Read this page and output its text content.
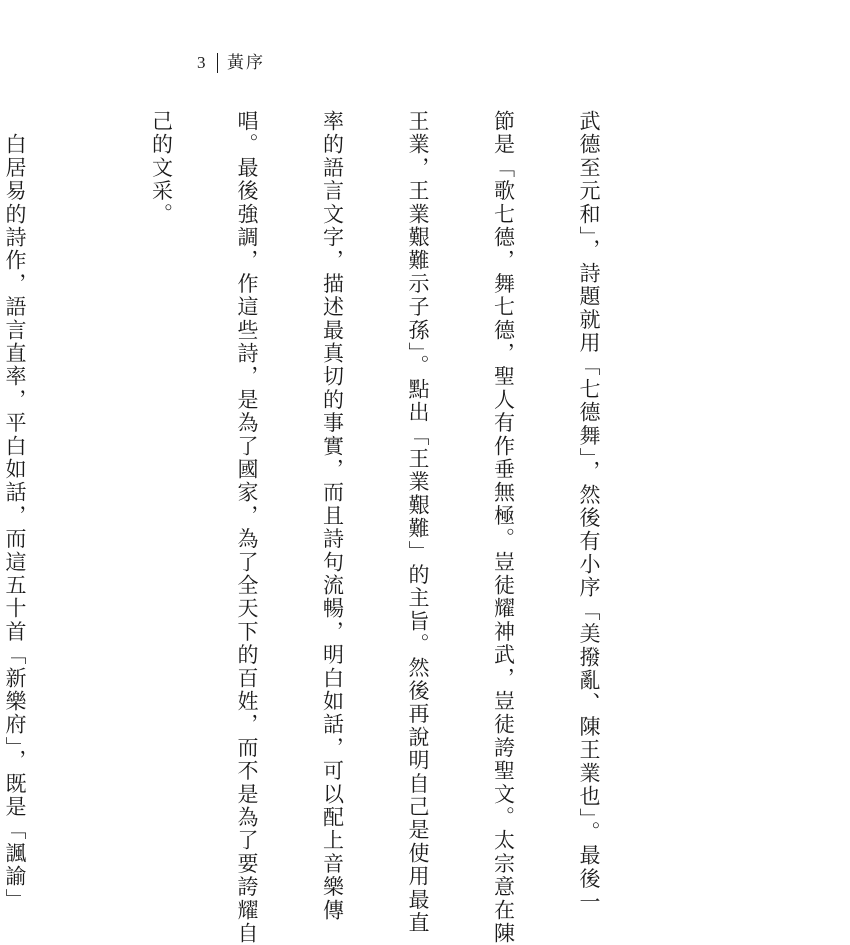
3 黃序

武德至元和」，詩題就用「七德舞」，然後有小序「美撥亂、陳王業也」。最後一

節是「歌七德，舞七德，聖人有作垂無極。豈徒耀神武，豈徒誇聖文。太宗意在陳

王業，王業艱難示子孫」。點出「王業艱難」的主旨。然後再說明自己是使用最直

率的語言文字，描述最真切的事實，而且詩句流暢，明白如話，可以配上音樂傳

唱。最後強調，作這些詩，是為了國家，為了全天下的百姓，而不是為了要誇耀自

己的文采。

　白居易的詩作，語言直率，平白如話，而這五十首「新樂府」，既是「諷諭」
